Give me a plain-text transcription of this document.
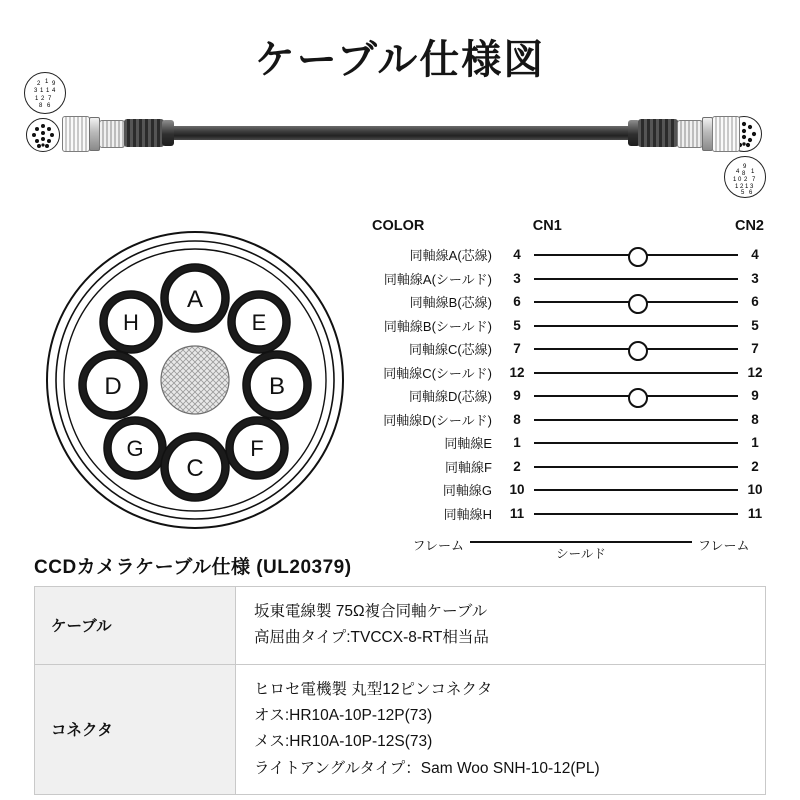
ケーブル仕様図
2 1 9
3 1 1 4
1 2 7
8 6
9
4 1
8
1 0 2 7
1 2 1 3
5 6
A
H	E
D	B
G
C
F
COLOR	CN1	CN2
同軸線A(芯線)	4	4
同軸線A(シールド)	3	3
同軸線B(芯線)	6	6
同軸線B(シールド)	5	5
同軸線C(芯線)	7	7
同軸線C(シールド)	12	12
同軸線D(芯線)	9	9
同軸線D(シールド)	8	8
同軸線E	1	1
同軸線F	2	2
同軸線G	10	10
同軸線H	11	11
フレーム
シールド
フレーム
CCDカメラケーブル仕様 (UL20379)
ケーブル	坂東電線製 75Ω複合同軸ケーブル
高屈曲タイプ:TVCCX-8-RT相当品

コネクタ	ヒロセ電機製 丸型12ピンコネクタ
オス:HR10A-10P-12P(73)
メス:HR10A-10P-12S(73)
ライトアングルタイプ：Sam Woo SNH-10-12(PL)
